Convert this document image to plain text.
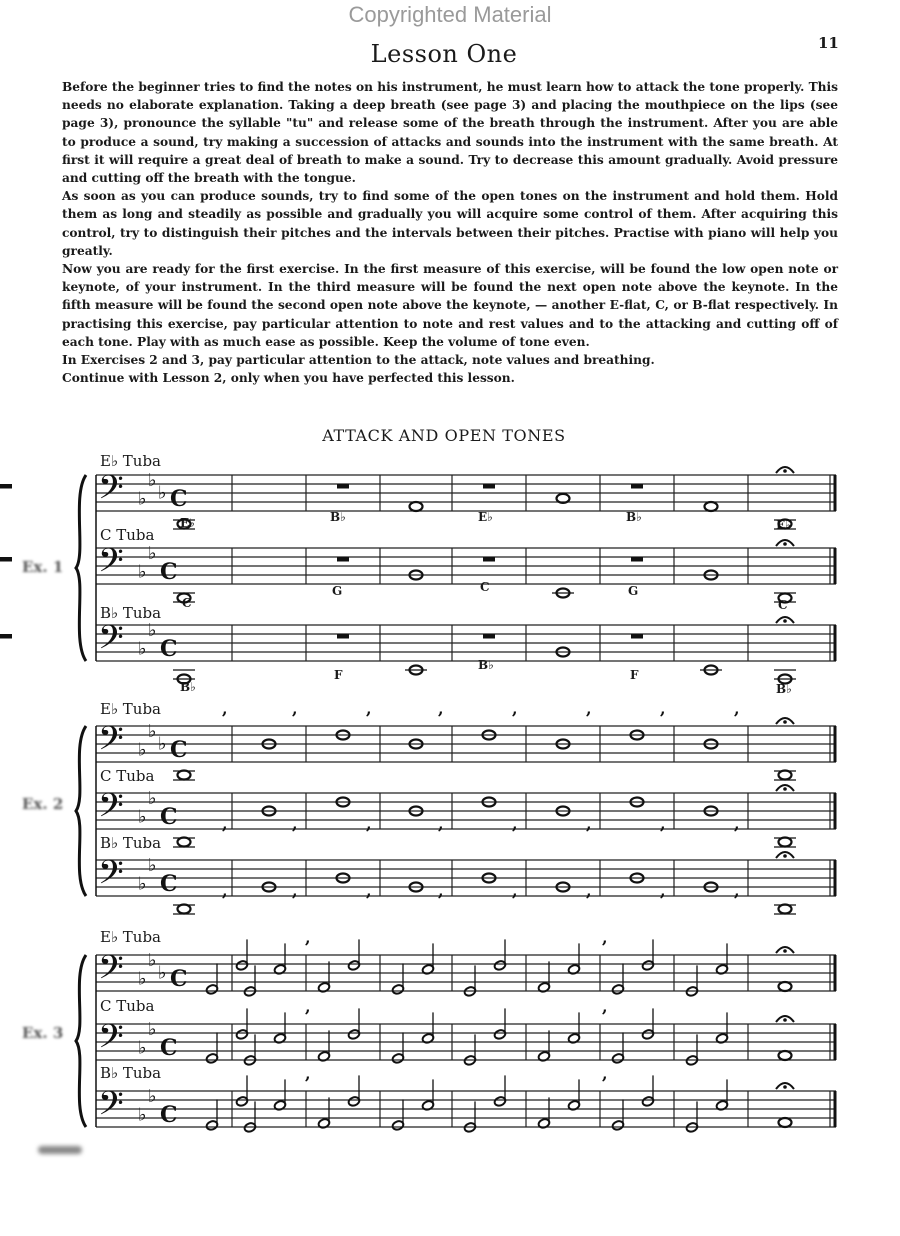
Copyrighted Material
11
Lesson One

Before the beginner tries to find the notes on his instrument, he must learn how to attack the tone properly. This needs no elaborate explanation. Taking a deep breath (see page 3) and placing the mouthpiece on the lips (see page 3), pronounce the syllable "tu" and release some of the breath through the instrument. After you are able to produce a sound, try making a succession of attacks and sounds into the instrument with the same breath. At first it will require a great deal of breath to make a sound. Try to decrease this amount gradually. Avoid pressure and cutting off the breath with the tongue.

As soon as you can produce sounds, try to find some of the open tones on the instrument and hold them. Hold them as long and steadily as possible and gradually you will acquire some control of them. After acquiring this control, try to distinguish their pitches and the intervals between their pitches. Practise with piano will help you greatly.

Now you are ready for the first exercise. In the first measure of this exercise, will be found the low open note or keynote, of your instrument. In the third measure will be found the next open note above the keynote. In the fifth measure will be found the second open note above the keynote, — another E-flat, C, or B-flat respectively. In practising this exercise, pay particular attention to note and rest values and to the attacking and cutting off of each tone. Play with as much ease as possible. Keep the volume of tone even.

In Exercises 2 and 3, pay particular attention to the attack, note values and breathing.

Continue with Lesson 2, only when you have perfected this lesson.

ATTACK AND OPEN TONES
E♭ Tuba
C Tuba
B♭ Tuba
E♭ Tuba
C Tuba
B♭ Tuba
E♭ Tuba
C Tuba
B♭ Tuba
Ex. 1
Ex. 2
Ex. 3
E♭	B♭	E♭	B♭
E♭
C
G	C	G
C
B♭
F
B♭
F
B♭
𝄢 ♭
♭
♭ C
𝄢 ♭
♭
C
𝄢 ♭
♭
C
𝄢 ♭
♭
♭ C
𝄢 ♭
♭
C
𝄢 ♭
♭
C
,	,	,	,	,	,	,	,
,	,	,	,	,	,	,	,
,	,	,	,	,	,	,	,
𝄢 ♭
♭
♭ C
𝄢 ♭
♭
C
𝄢 ♭
♭
C
,	,
,	,
,	,
